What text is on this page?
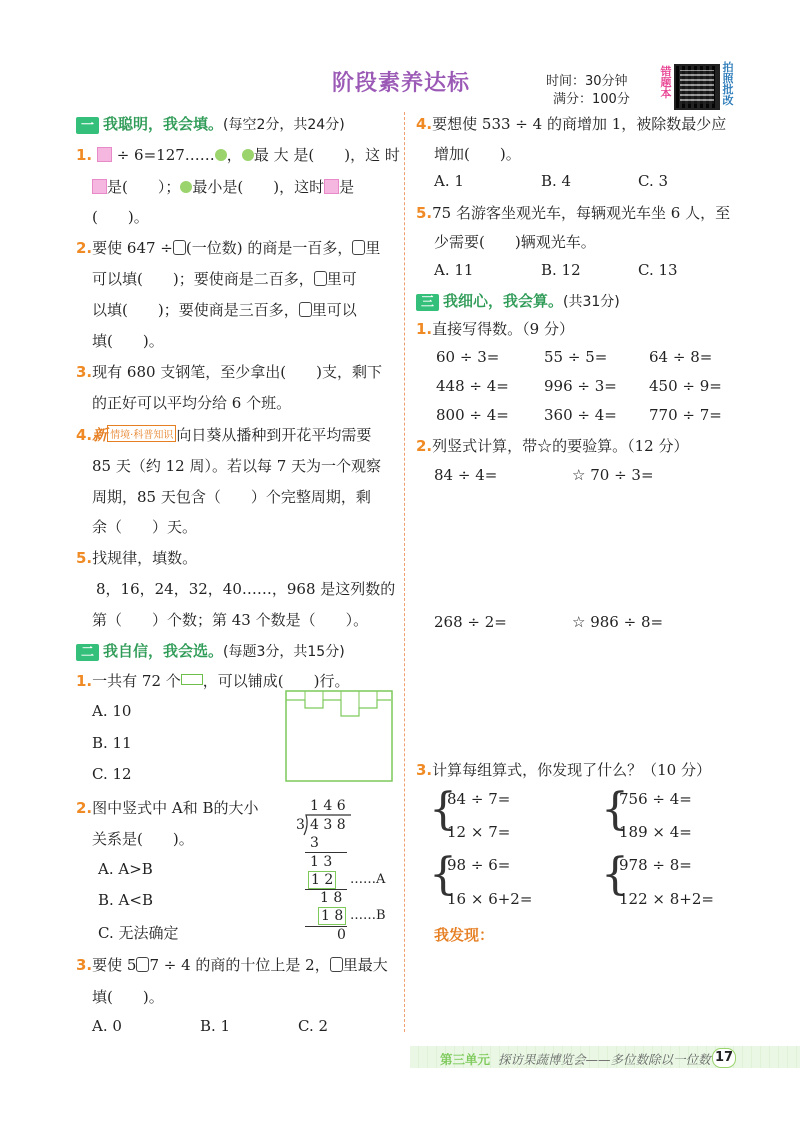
阶段素养达标	时间：30分钟
满分：100分
错题本
拍照批改
一 我聪明，我会填。(每空2分，共24分)
1. ÷ 6=127…… ， 最 大 是(　　 )，这 时
是(　　 ）； 最小是(　　 )，这时 是
(　　)。
2.要使 647 ÷ (一位数) 的商是一百多， 里
可以填(　　)；要使商是二百多， 里可
以填(　　)；要使商是三百多， 里可以
填(　　)。
3.现有 680 支钢笔，至少拿出(　　)支，剩下
的正好可以平均分给 6 个班。
4.新 情境·科普知识 向日葵从播种到开花平均需要
85 天（约 12 周）。若以每 7 天为一个观察
周期，85 天包含（　　）个完整周期，剩
余（　　）天。
5.找规律，填数。
8，16，24，32，40……，968 是这列数的
第（　　）个数；第 43 个数是（　　）。
二 我自信，我会选。(每题3分，共15分)
1.一共有 72 个 ，可以铺成(　　)行。
A. 10
B. 11
C. 12
2.图中竖式中 A和 B的大小
关系是(　　)。
A. A>B
B. A<B
C. 无法确定
1 4 6
3 4 3 8
3
1 3
1 2 ……A
1 8
1 8 ……B
0
3.要使 5 7 ÷ 4 的商的十位上是 2， 里最大
填(　　)。
A. 0	B. 1	C. 2
4.要想使 533 ÷ 4 的商增加 1，被除数最少应
增加(　　)。
A. 1	B. 4	C. 3
5.75 名游客坐观光车，每辆观光车坐 6 人，至
少需要(　　)辆观光车。
A. 11	B. 12	C. 13
三 我细心，我会算。(共31分)
1.直接写得数。（9 分）
60 ÷ 3=	55 ÷ 5=	64 ÷ 8=
448 ÷ 4= 996 ÷ 3= 450 ÷ 9=
800 ÷ 4= 360 ÷ 4= 770 ÷ 7=
2.列竖式计算，带☆的要验算。（12 分）
84 ÷ 4=	☆ 70 ÷ 3=
268 ÷ 2=	☆ 986 ÷ 8=
3.计算每组算式，你发现了什么？（10 分）
{
84 ÷ 7=
12 × 7= {
756 ÷ 4=
189 × 4=
{
98 ÷ 6=
16 × 6+2= {
978 ÷ 8=
122 × 8+2=
我发现：
第三单元 探访果蔬博览会——多位数除以一位数 17
